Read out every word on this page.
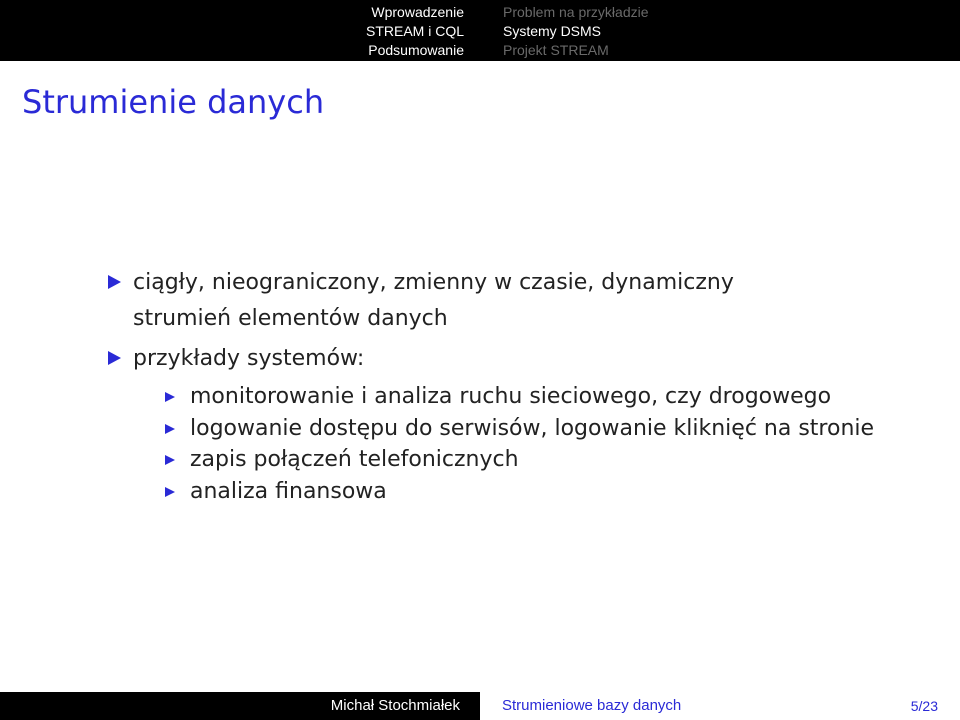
Wprowadzenie
STREAM i CQL
Podsumowanie
Problem na przykładzie
Systemy DSMS
Projekt STREAM
Strumienie danych
ciągły, nieograniczony, zmienny w czasie, dynamiczny
strumień elementów danych
przykłady systemów:
monitorowanie i analiza ruchu sieciowego, czy drogowego
logowanie dostępu do serwisów, logowanie kliknięć na stronie
zapis połączeń telefonicznych
analiza finansowa
Michał Stochmiałek	Strumieniowe bazy danych	5/23
